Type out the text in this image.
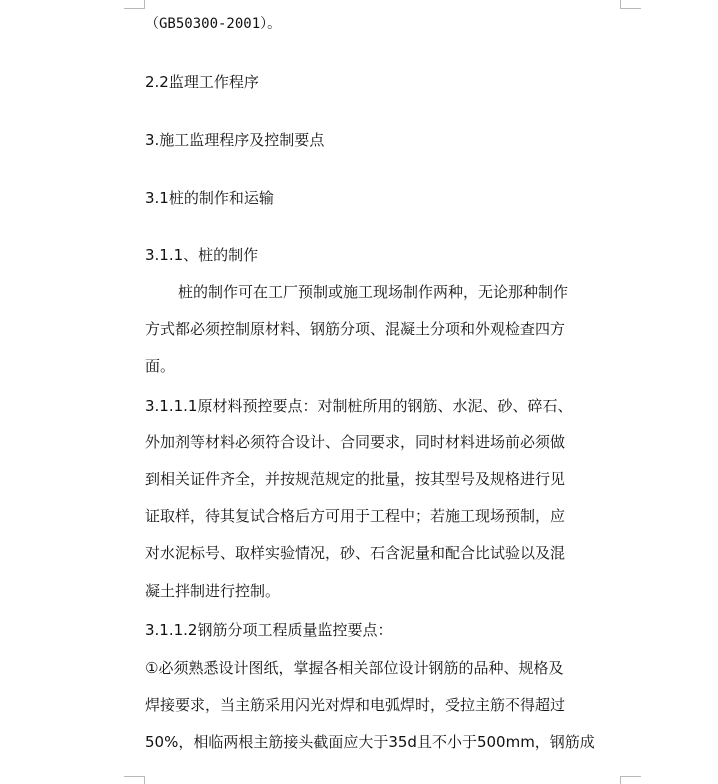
（GB50300-2001）。
2.2监理工作程序
3.施工监理程序及控制要点
3.1桩的制作和运输
3.1.1、桩的制作
桩的制作可在工厂预制或施工现场制作两种，无论那种制作
方式都必须控制原材料、钢筋分项、混凝土分项和外观检查四方
面。
3.1.1.1原材料预控要点：对制桩所用的钢筋、水泥、砂、碎石、
外加剂等材料必须符合设计、合同要求，同时材料进场前必须做
到相关证件齐全，并按规范规定的批量，按其型号及规格进行见
证取样，待其复试合格后方可用于工程中；若施工现场预制，应
对水泥标号、取样实验情况，砂、石含泥量和配合比试验以及混
凝土拌制进行控制。
3.1.1.2钢筋分项工程质量监控要点：
①必须熟悉设计图纸，掌握各相关部位设计钢筋的品种、规格及
焊接要求，当主筋采用闪光对焊和电弧焊时，受拉主筋不得超过
50%，相临两根主筋接头截面应大于35d且不小于500mm，钢筋成
